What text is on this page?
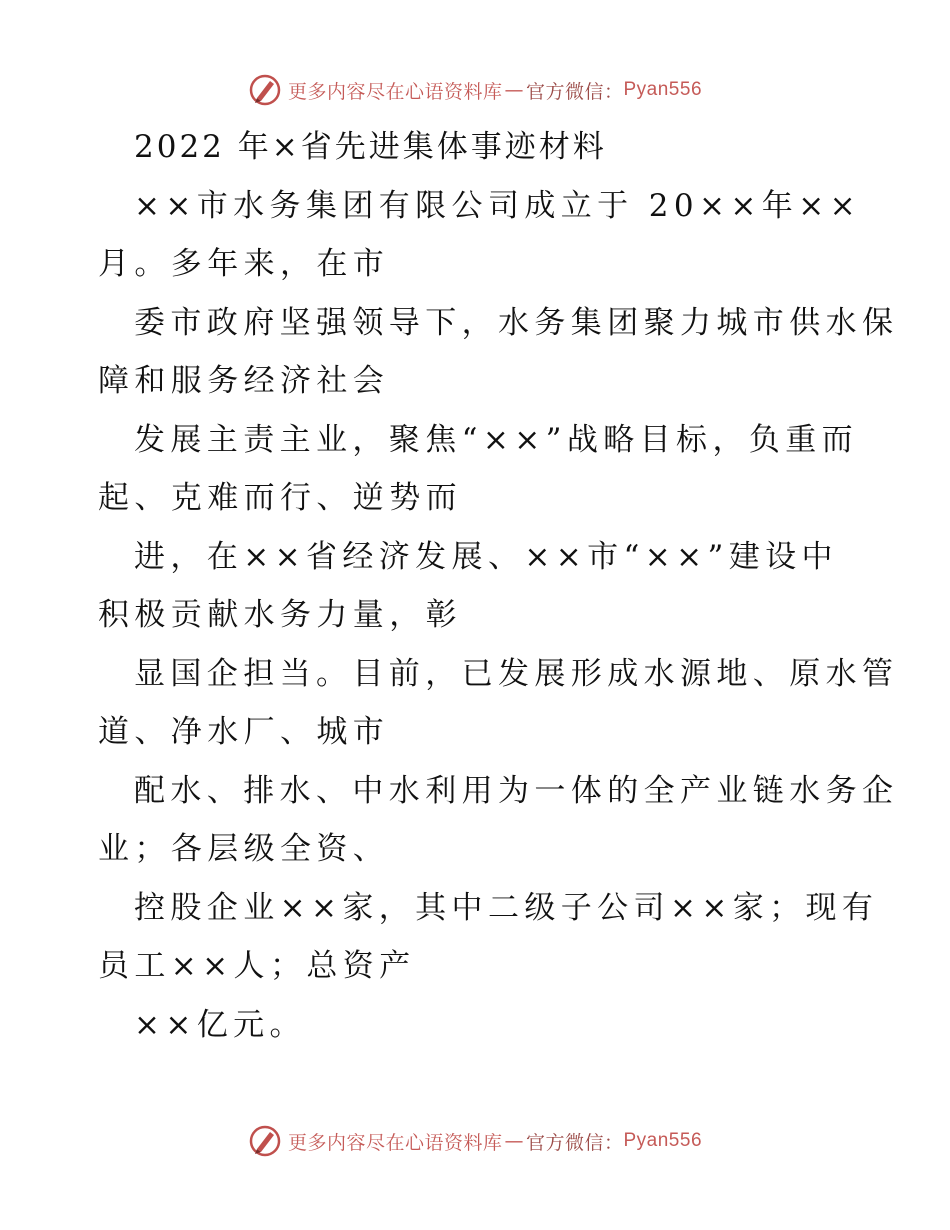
更多内容尽在心语资料库 — 官方微信： Pyan556
2022 年×省先进集体事迹材料
××市水务集团有限公司成立于 20××年××
月。多年来，在市
委市政府坚强领导下，水务集团聚力城市供水保
障和服务经济社会
发展主责主业，聚焦“××”战略目标，负重而
起、克难而行、逆势而
进，在××省经济发展、××市“××”建设中
积极贡献水务力量，彰
显国企担当。目前，已发展形成水源地、原水管
道、净水厂、城市
配水、排水、中水利用为一体的全产业链水务企
业；各层级全资、
控股企业××家，其中二级子公司××家；现有
员工××人；总资产
××亿元。
更多内容尽在心语资料库 — 官方微信： Pyan556
